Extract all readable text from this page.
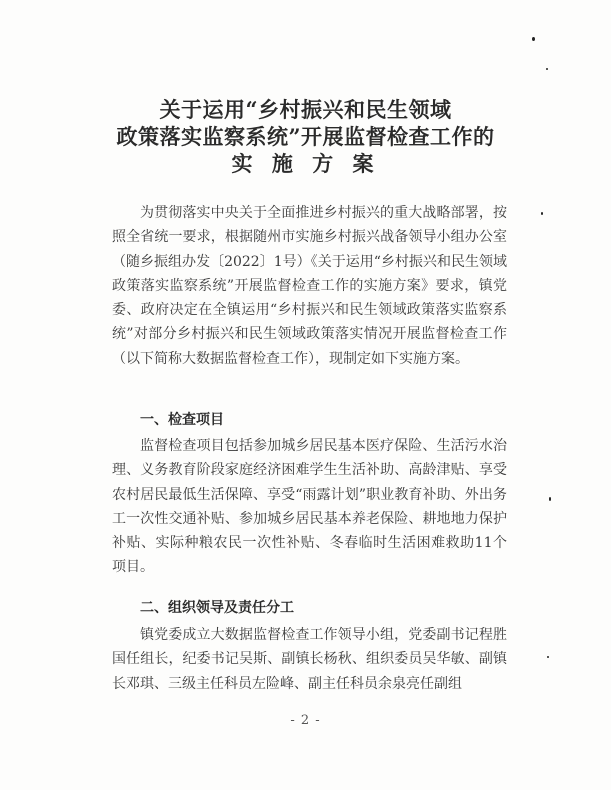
关于运用“乡村振兴和民生领域
政策落实监察系统”开展监督检查工作的
实 施 方 案

为贯彻落实中央关于全面推进乡村振兴的重大战略部署，按照全省统一要求，根据随州市实施乡村振兴战备领导小组办公室（随乡振组办发〔2022〕1号）《关于运用“乡村振兴和民生领域政策落实监察系统”开展监督检查工作的实施方案》要求，镇党委、政府决定在全镇运用“乡村振兴和民生领域政策落实监察系统”对部分乡村振兴和民生领域政策落实情况开展监督检查工作（以下简称大数据监督检查工作），现制定如下实施方案。

一、检查项目

监督检查项目包括参加城乡居民基本医疗保险、生活污水治理、义务教育阶段家庭经济困难学生生活补助、高龄津贴、享受农村居民最低生活保障、享受“雨露计划”职业教育补助、外出务工一次性交通补贴、参加城乡居民基本养老保险、耕地地力保护补贴、实际种粮农民一次性补贴、冬春临时生活困难救助11个项目。

二、组织领导及责任分工

镇党委成立大数据监督检查工作领导小组，党委副书记程胜国任组长，纪委书记吴斯、副镇长杨秋、组织委员吴华敏、副镇长邓琪、三级主任科员左险峰、副主任科员余泉亮任副组

- 2 -
